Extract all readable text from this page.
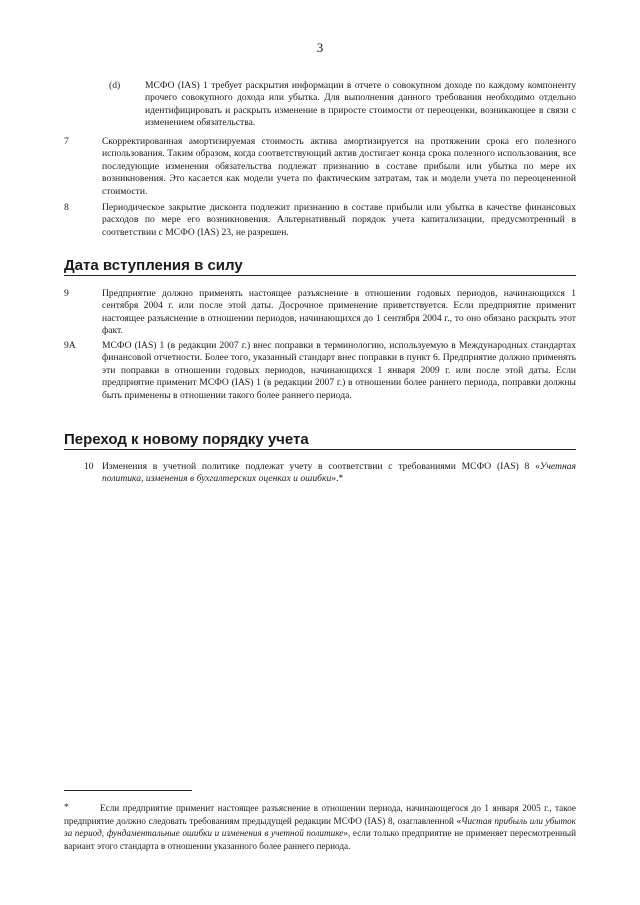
3
(d)	МСФО (IAS) 1 требует раскрытия информации в отчете о совокупном доходе по каждому компоненту прочего совокупного дохода или убытка. Для выполнения данного требования необходимо отдельно идентифицировать и раскрыть изменение в приросте стоимости от переоценки, возникающее в связи с изменением обязательства.
7	Скорректированная амортизируемая стоимость актива амортизируется на протяжении срока его полезного использования. Таким образом, когда соответствующий актив достигает конца срока полезного использования, все последующие изменения обязательства подлежат признанию в составе прибыли или убытка по мере их возникновения. Это касается как модели учета по фактическим затратам, так и модели учета по переоцененной стоимости.
8	Периодическое закрытие дисконта подлежит признанию в составе прибыли или убытка в качестве финансовых расходов по мере его возникновения. Альтернативный порядок учета капитализации, предусмотренный в соответствии с МСФО (IAS) 23, не разрешен.
Дата вступления в силу
9	Предприятие должно применять настоящее разъяснение в отношении годовых периодов, начинающихся 1 сентября 2004 г. или после этой даты. Досрочное применение приветствуется. Если предприятие применит настоящее разъяснение в отношении периодов, начинающихся до 1 сентября 2004 г., то оно обязано раскрыть этот факт.
9A	МСФО (IAS) 1 (в редакции 2007 г.) внес поправки в терминологию, используемую в Международных стандартах финансовой отчетности. Более того, указанный стандарт внес поправки в пункт 6. Предприятие должно применять эти поправки в отношении годовых периодов, начинающихся 1 января 2009 г. или после этой даты. Если предприятие применит МСФО (IAS) 1 (в редакции 2007 г.) в отношении более раннего периода, поправки должны быть применены в отношении такого более раннего периода.
Переход к новому порядку учета
10 Изменения в учетной политике подлежат учету в соответствии с требованиями МСФО (IAS) 8 «Учетная политика, изменения в бухгалтерских оценках и ошибки».*
*	Если предприятие применит настоящее разъяснение в отношении периода, начинающегося до 1 января 2005 г., такое предприятие должно следовать требованиям предыдущей редакции МСФО (IAS) 8, озаглавленной «Чистая прибыль или убыток за период, фундаментальные ошибки и изменения в учетной политике», если только предприятие не применяет пересмотренный вариант этого стандарта в отношении указанного более раннего периода.
